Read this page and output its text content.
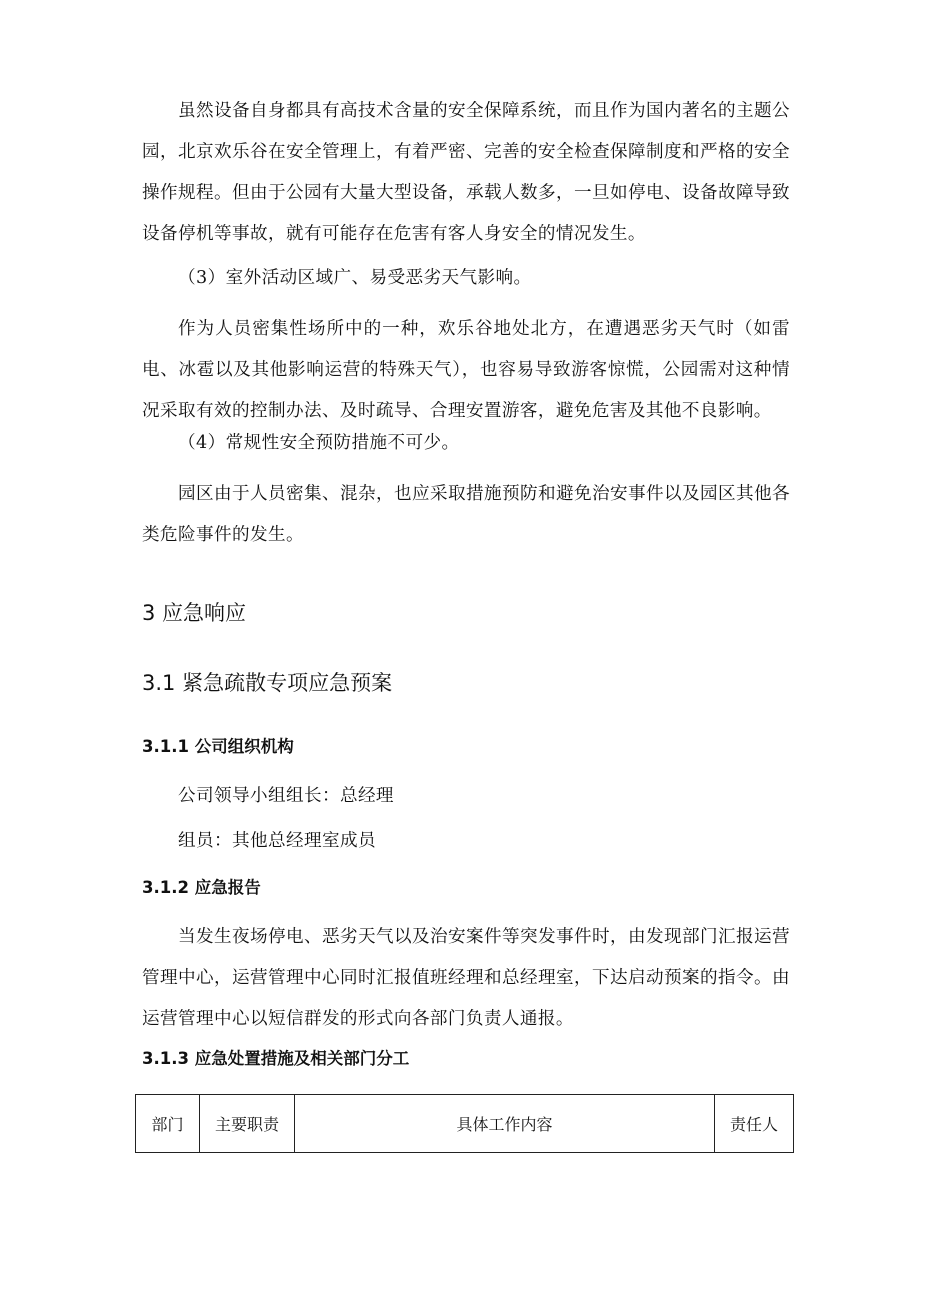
虽然设备自身都具有高技术含量的安全保障系统，而且作为国内著名的主题公园，北京欢乐谷在安全管理上，有着严密、完善的安全检查保障制度和严格的安全操作规程。但由于公园有大量大型设备，承载人数多，一旦如停电、设备故障导致设备停机等事故，就有可能存在危害有客人身安全的情况发生。

（3）室外活动区域广、易受恶劣天气影响。

作为人员密集性场所中的一种，欢乐谷地处北方，在遭遇恶劣天气时（如雷电、冰雹以及其他影响运营的特殊天气），也容易导致游客惊慌，公园需对这种情况采取有效的控制办法、及时疏导、合理安置游客，避免危害及其他不良影响。

（4）常规性安全预防措施不可少。

园区由于人员密集、混杂，也应采取措施预防和避免治安事件以及园区其他各类危险事件的发生。

3 应急响应
3.1 紧急疏散专项应急预案
3.1.1 公司组织机构

公司领导小组组长：总经理

组员：其他总经理室成员

3.1.2 应急报告

当发生夜场停电、恶劣天气以及治安案件等突发事件时，由发现部门汇报运营管理中心，运营管理中心同时汇报值班经理和总经理室，下达启动预案的指令。由运营管理中心以短信群发的形式向各部门负责人通报。

3.1.3 应急处置措施及相关部门分工
部门	主要职责	具体工作内容	责任人
